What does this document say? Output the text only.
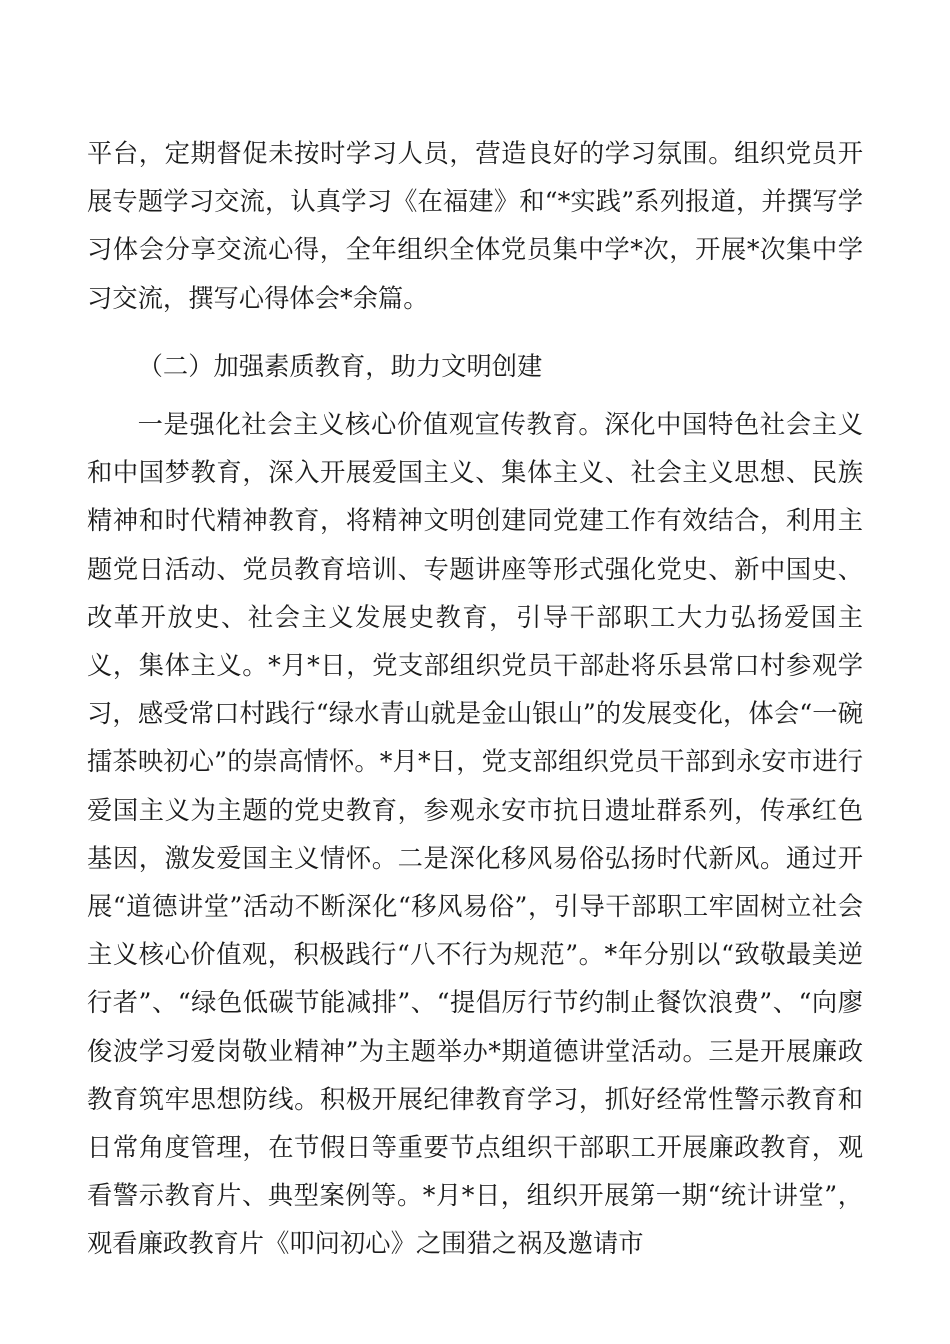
平台，定期督促未按时学习人员，营造良好的学习氛围。组织党员开展专题学习交流，认真学习《在福建》和“*实践”系列报道，并撰写学习体会分享交流心得，全年组织全体党员集中学*次，开展*次集中学习交流，撰写心得体会*余篇。

（二）加强素质教育，助力文明创建

一是强化社会主义核心价值观宣传教育。深化中国特色社会主义和中国梦教育，深入开展爱国主义、集体主义、社会主义思想、民族精神和时代精神教育，将精神文明创建同党建工作有效结合，利用主题党日活动、党员教育培训、专题讲座等形式强化党史、新中国史、改革开放史、社会主义发展史教育，引导干部职工大力弘扬爱国主义，集体主义。*月*日，党支部组织党员干部赴将乐县常口村参观学习，感受常口村践行“绿水青山就是金山银山”的发展变化，体会“一碗擂茶映初心”的崇高情怀。*月*日，党支部组织党员干部到永安市进行爱国主义为主题的党史教育，参观永安市抗日遗址群系列，传承红色基因，激发爱国主义情怀。二是深化移风易俗弘扬时代新风。通过开展“道德讲堂”活动不断深化“移风易俗”，引导干部职工牢固树立社会主义核心价值观，积极践行“八不行为规范”。*年分别以“致敬最美逆行者”、“绿色低碳节能减排”、“提倡厉行节约制止餐饮浪费”、“向廖俊波学习爱岗敬业精神”为主题举办*期道德讲堂活动。三是开展廉政教育筑牢思想防线。积极开展纪律教育学习，抓好经常性警示教育和日常角度管理，在节假日等重要节点组织干部职工开展廉政教育，观看警示教育片、典型案例等。*月*日，组织开展第一期“统计讲堂”，观看廉政教育片《叩问初心》之围猎之祸及邀请市
